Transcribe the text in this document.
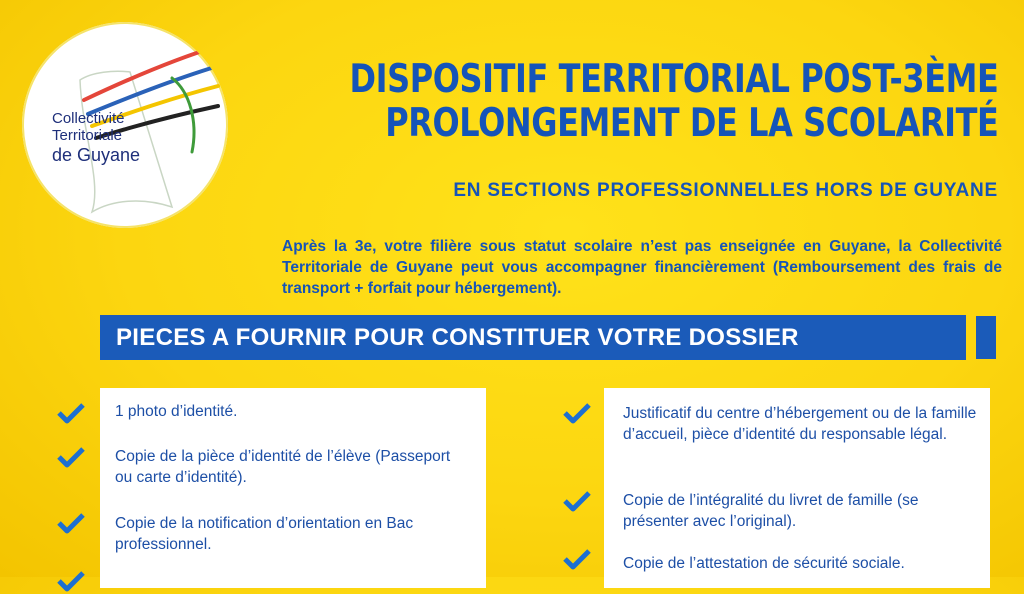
Collectivité
Territoriale
de Guyane
DISPOSITIF TERRITORIAL POST-3ÈME
PROLONGEMENT DE LA SCOLARITÉ
EN SECTIONS PROFESSIONNELLES HORS DE GUYANE
Après la 3e, votre filière sous statut scolaire n’est pas enseignée en Guyane, la Collectivité Territoriale de Guyane peut vous accompagner financièrement (Remboursement des frais de transport + forfait pour hébergement).
PIECES A FOURNIR POUR CONSTITUER VOTRE DOSSIER
1 photo d’identité.
Copie de la pièce d’identité de l’élève (Passeport ou carte d’identité).
Copie de la notification d’orientation en Bac professionnel.
Justificatif du centre d’hébergement ou de la famille d’accueil, pièce d’identité du responsable légal.
Copie de l’intégralité du livret de famille (se présenter avec l’original).
Copie de l’attestation de sécurité sociale.
